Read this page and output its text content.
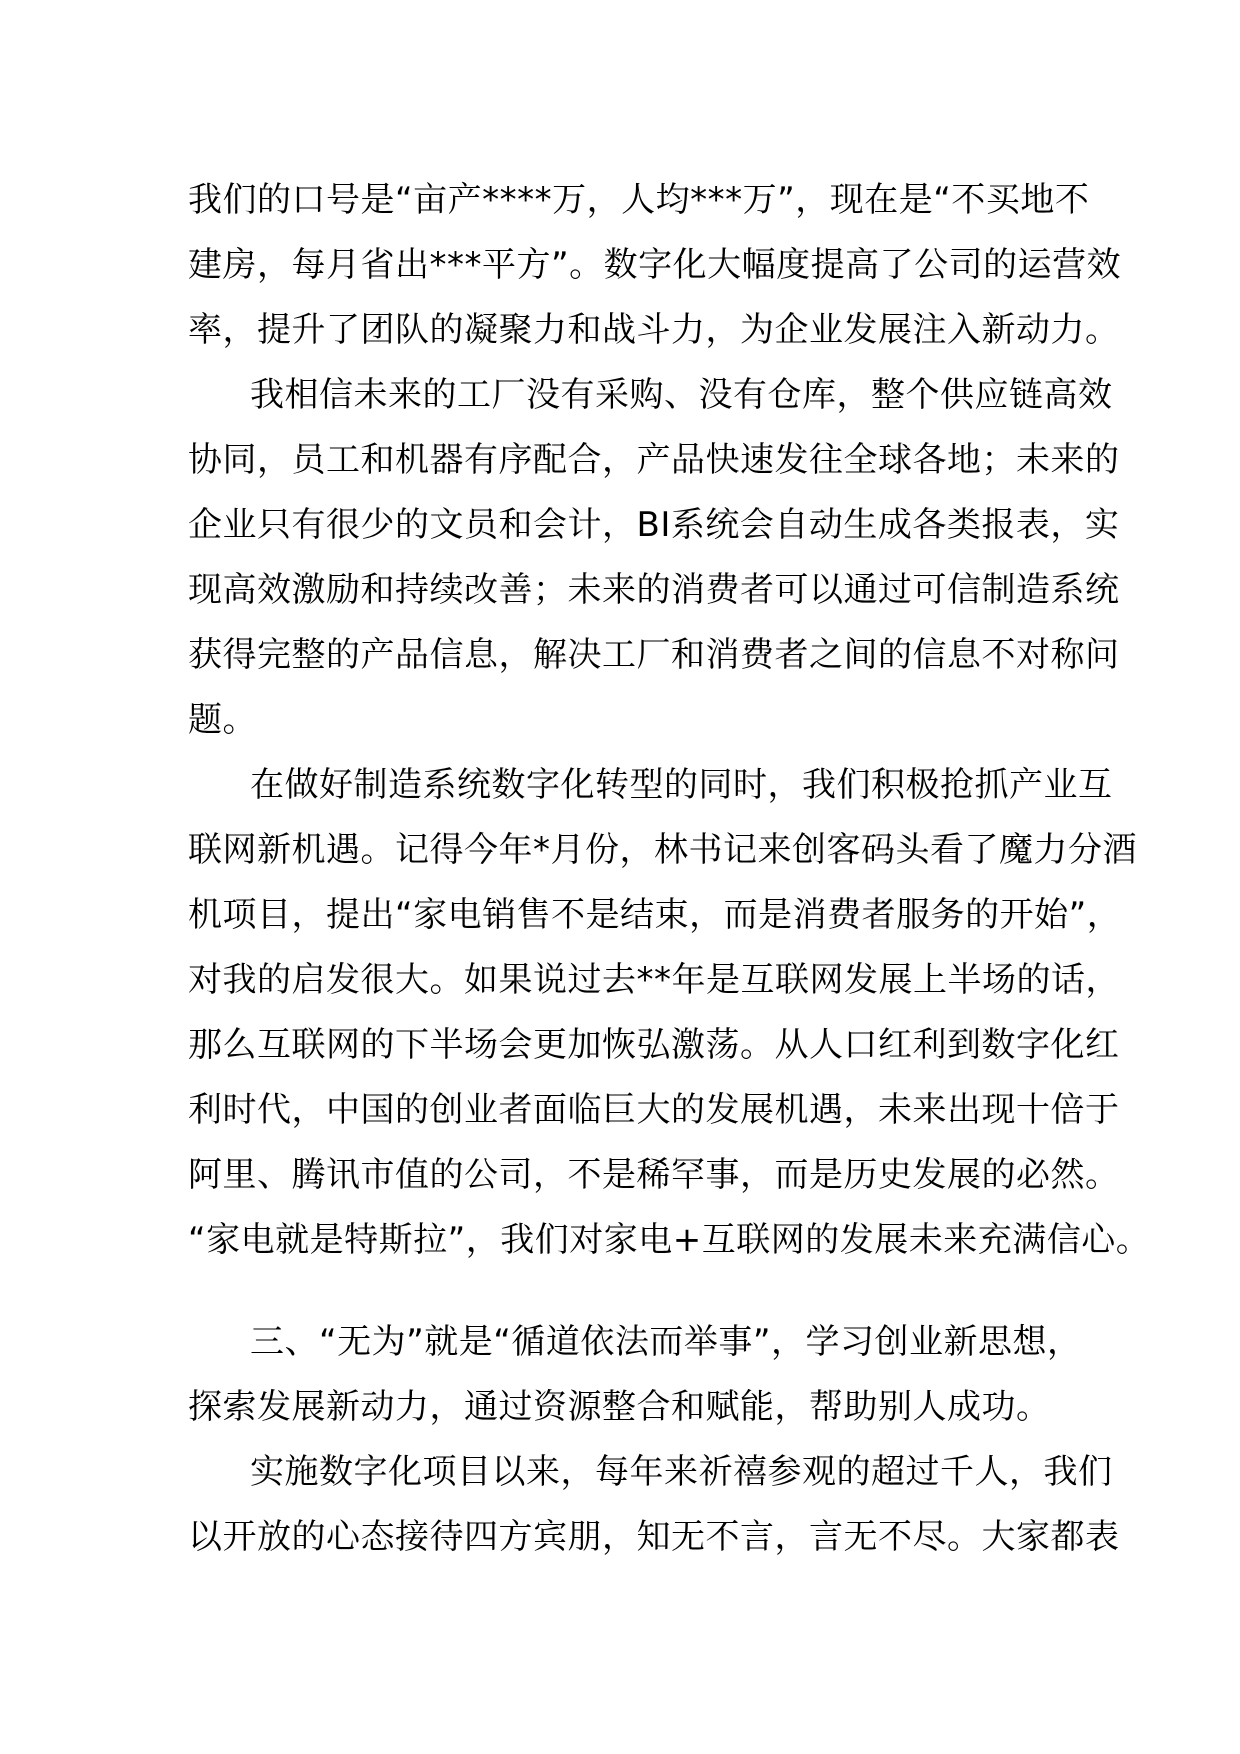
我们的口号是“亩产****万，人均***万”，现在是“不买地不
建房，每月省出***平方”。数字化大幅度提高了公司的运营效
率，提升了团队的凝聚力和战斗力，为企业发展注入新动力。
我相信未来的工厂没有采购、没有仓库，整个供应链高效
协同，员工和机器有序配合，产品快速发往全球各地；未来的
企业只有很少的文员和会计，BI系统会自动生成各类报表，实
现高效激励和持续改善；未来的消费者可以通过可信制造系统
获得完整的产品信息，解决工厂和消费者之间的信息不对称问
题。
在做好制造系统数字化转型的同时，我们积极抢抓产业互
联网新机遇。记得今年*月份，林书记来创客码头看了魔力分酒
机项目，提出“家电销售不是结束，而是消费者服务的开始”，
对我的启发很大。如果说过去**年是互联网发展上半场的话，
那么互联网的下半场会更加恢弘激荡。从人口红利到数字化红
利时代，中国的创业者面临巨大的发展机遇，未来出现十倍于
阿里、腾讯市值的公司，不是稀罕事，而是历史发展的必然。
“家电就是特斯拉”，我们对家电+互联网的发展未来充满信心。
三、“无为”就是“循道依法而举事”，学习创业新思想，
探索发展新动力，通过资源整合和赋能，帮助别人成功。
实施数字化项目以来，每年来祈禧参观的超过千人，我们
以开放的心态接待四方宾朋，知无不言，言无不尽。大家都表
